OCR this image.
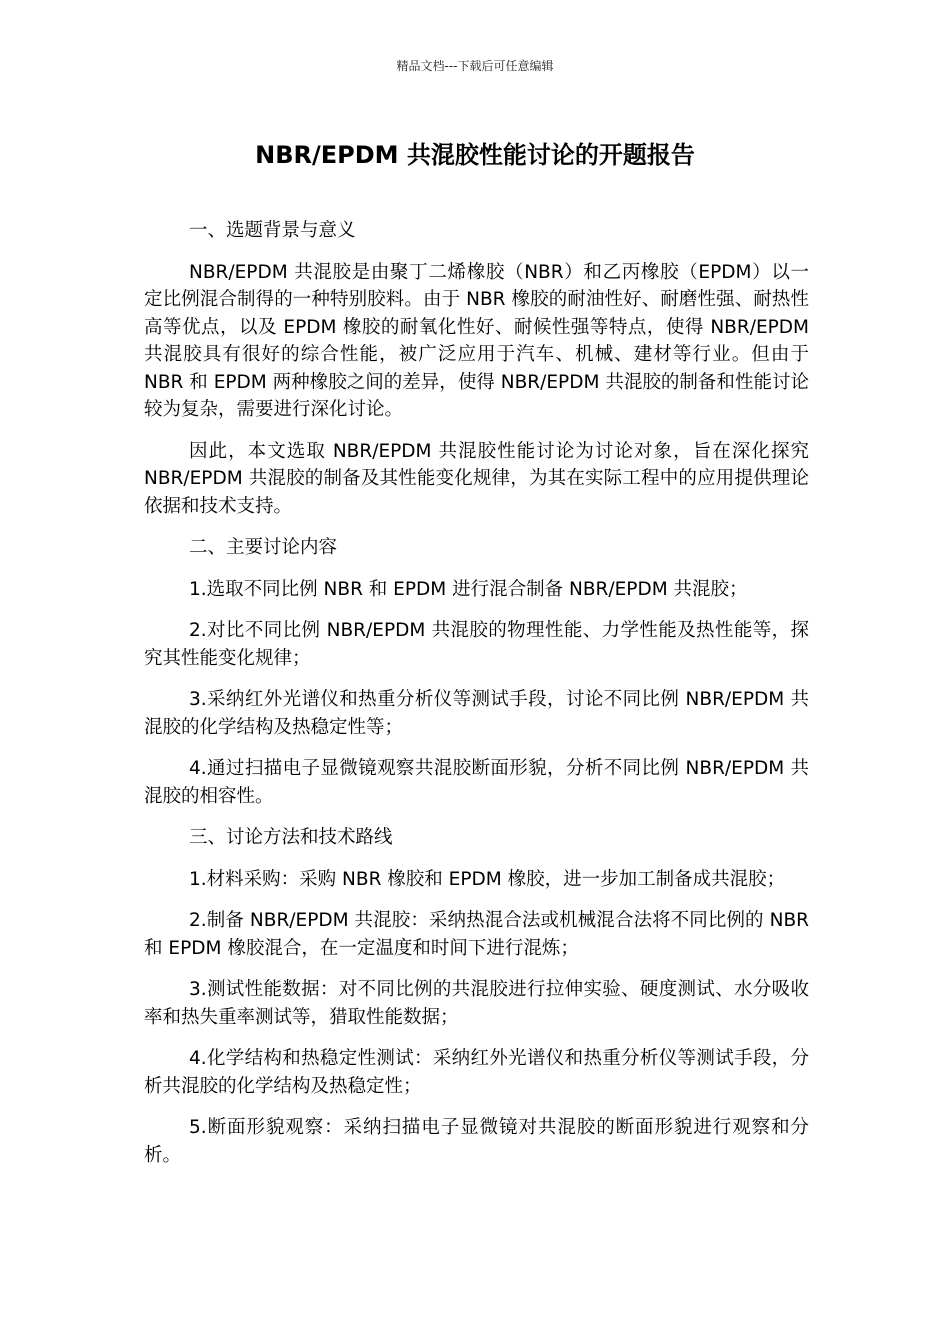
精品文档---下载后可任意编辑
NBR/EPDM 共混胶性能讨论的开题报告

一、选题背景与意义

NBR/EPDM 共混胶是由聚丁二烯橡胶（NBR）和乙丙橡胶（EPDM）以一定比例混合制得的一种特别胶料。由于 NBR 橡胶的耐油性好、耐磨性强、耐热性高等优点，以及 EPDM 橡胶的耐氧化性好、耐候性强等特点，使得 NBR/EPDM 共混胶具有很好的综合性能，被广泛应用于汽车、机械、建材等行业。但由于 NBR 和 EPDM 两种橡胶之间的差异，使得 NBR/EPDM 共混胶的制备和性能讨论较为复杂，需要进行深化讨论。

因此，本文选取 NBR/EPDM 共混胶性能讨论为讨论对象，旨在深化探究 NBR/EPDM 共混胶的制备及其性能变化规律，为其在实际工程中的应用提供理论依据和技术支持。

二、主要讨论内容

1.选取不同比例 NBR 和 EPDM 进行混合制备 NBR/EPDM 共混胶；

2.对比不同比例 NBR/EPDM 共混胶的物理性能、力学性能及热性能等，探究其性能变化规律；

3.采纳红外光谱仪和热重分析仪等测试手段，讨论不同比例 NBR/EPDM 共混胶的化学结构及热稳定性等；

4.通过扫描电子显微镜观察共混胶断面形貌，分析不同比例 NBR/EPDM 共混胶的相容性。

三、讨论方法和技术路线

1.材料采购：采购 NBR 橡胶和 EPDM 橡胶，进一步加工制备成共混胶；

2.制备 NBR/EPDM 共混胶：采纳热混合法或机械混合法将不同比例的 NBR 和 EPDM 橡胶混合，在一定温度和时间下进行混炼；

3.测试性能数据：对不同比例的共混胶进行拉伸实验、硬度测试、水分吸收率和热失重率测试等，猎取性能数据；

4.化学结构和热稳定性测试：采纳红外光谱仪和热重分析仪等测试手段，分析共混胶的化学结构及热稳定性；

5.断面形貌观察：采纳扫描电子显微镜对共混胶的断面形貌进行观察和分析。
